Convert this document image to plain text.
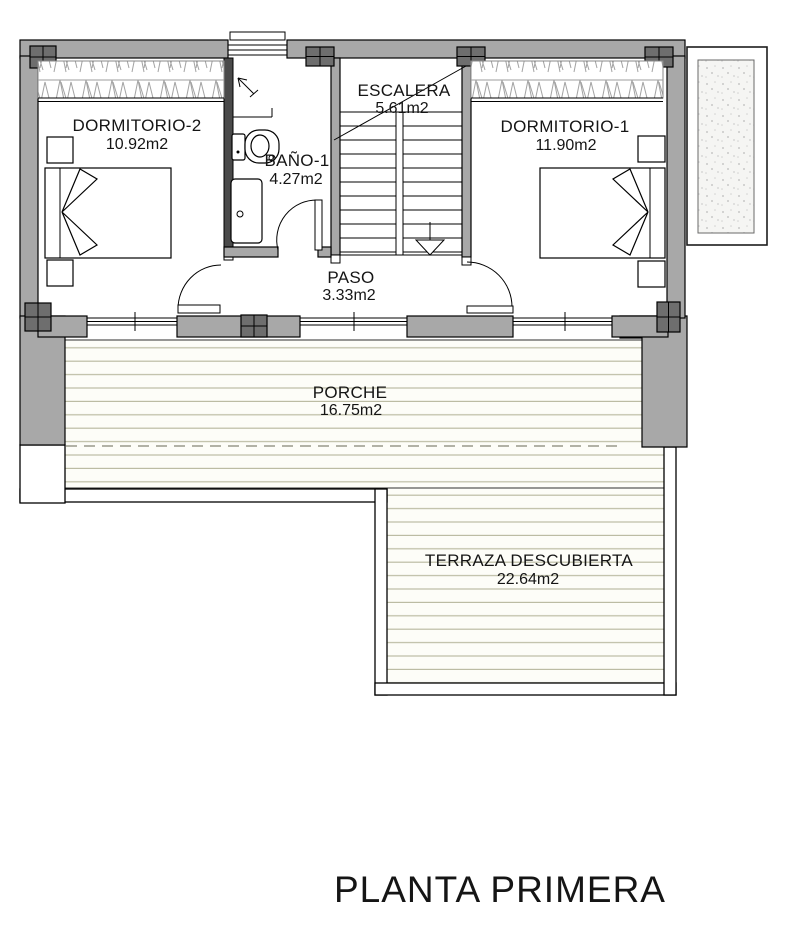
DORMITORIO-2
10.92m2
BAÑO-1
4.27m2
ESCALERA
5.61m2
DORMITORIO-1
11.90m2
PASO
3.33m2
PORCHE
16.75m2
TERRAZA DESCUBIERTA
22.64m2
PLANTA PRIMERA
